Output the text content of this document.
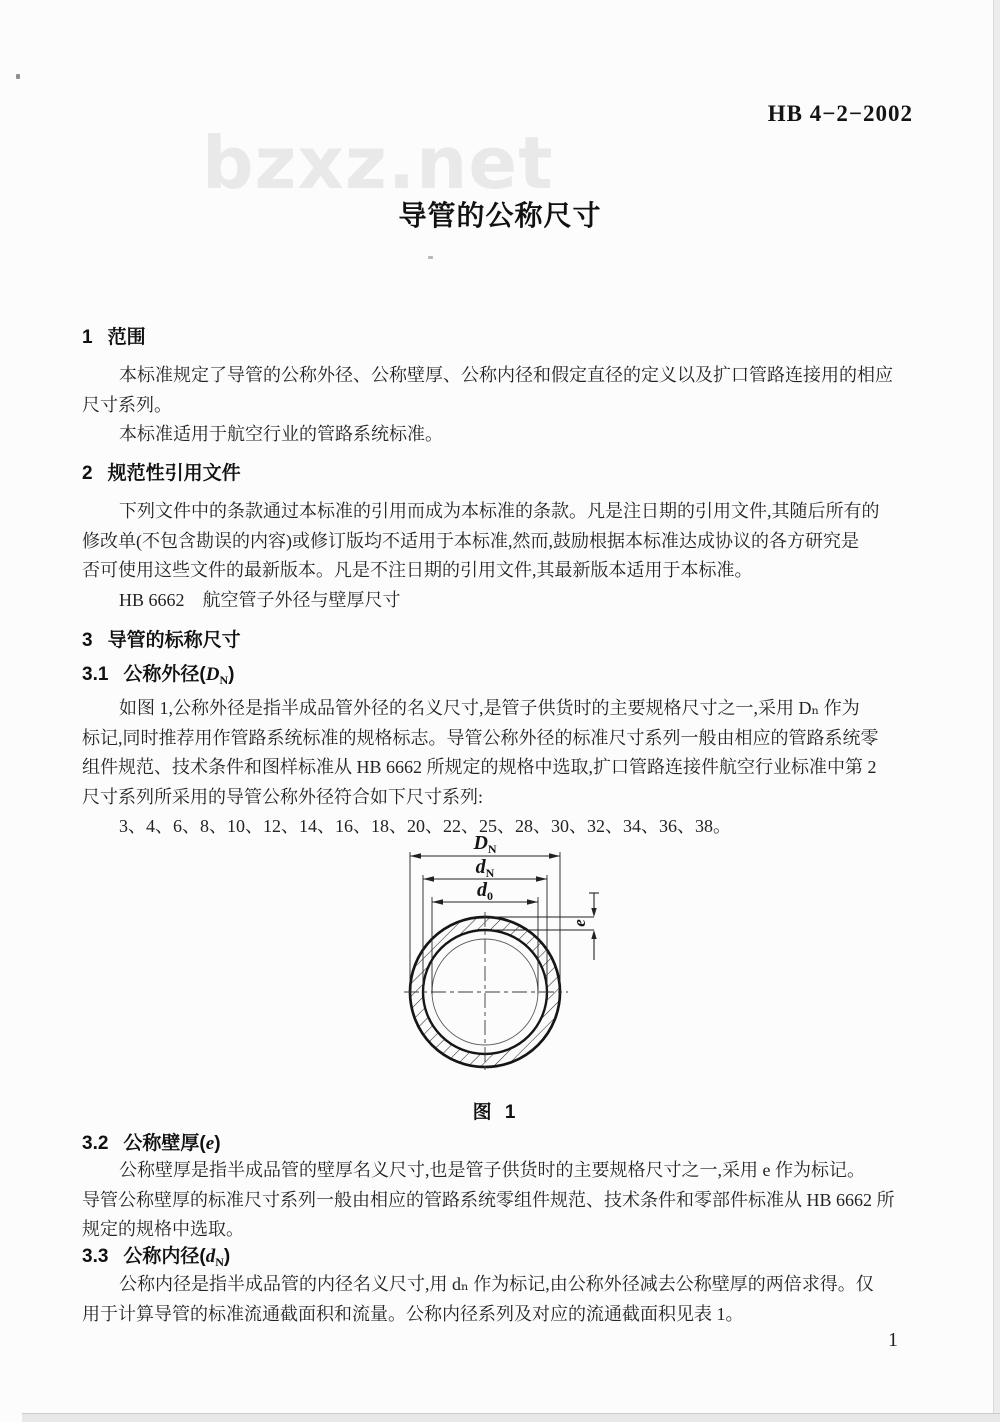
HB 4−2−2002
bzxz.net
导管的公称尺寸
1 范围
本标准规定了导管的公称外径、公称壁厚、公称内径和假定直径的定义以及扩口管路连接用的相应
尺寸系列。
本标准适用于航空行业的管路系统标准。
2 规范性引用文件
下列文件中的条款通过本标准的引用而成为本标准的条款。凡是注日期的引用文件,其随后所有的
修改单(不包含勘误的内容)或修订版均不适用于本标准,然而,鼓励根据本标准达成协议的各方研究是
否可使用这些文件的最新版本。凡是不注日期的引用文件,其最新版本适用于本标准。
HB 6662　航空管子外径与壁厚尺寸
3 导管的标称尺寸
3.1 公称外径$(D_N)$
如图 1,公称外径是指半成品管外径的名义尺寸,是管子供货时的主要规格尺寸之一,采用 Dₙ 作为
标记,同时推荐用作管路系统标准的规格标志。导管公称外径的标准尺寸系列一般由相应的管路系统零
组件规范、技术条件和图样标准从 HB 6662 所规定的规格中选取,扩口管路连接件航空行业标准中第 2
尺寸系列所采用的导管公称外径符合如下尺寸系列:
3、4、6、8、10、12、14、16、18、20、22、25、28、30、32、34、36、38。
$D_N$
$d_N$
$d_0$
e
图 1
3.2 公称壁厚(e)
公称壁厚是指半成品管的壁厚名义尺寸,也是管子供货时的主要规格尺寸之一,采用 e 作为标记。
导管公称壁厚的标准尺寸系列一般由相应的管路系统零组件规范、技术条件和零部件标准从 HB 6662 所
规定的规格中选取。
3.3 公称内径$(d_N)$
公称内径是指半成品管的内径名义尺寸,用 dₙ 作为标记,由公称外径减去公称壁厚的两倍求得。仅
用于计算导管的标准流通截面积和流量。公称内径系列及对应的流通截面积见表 1。
1
